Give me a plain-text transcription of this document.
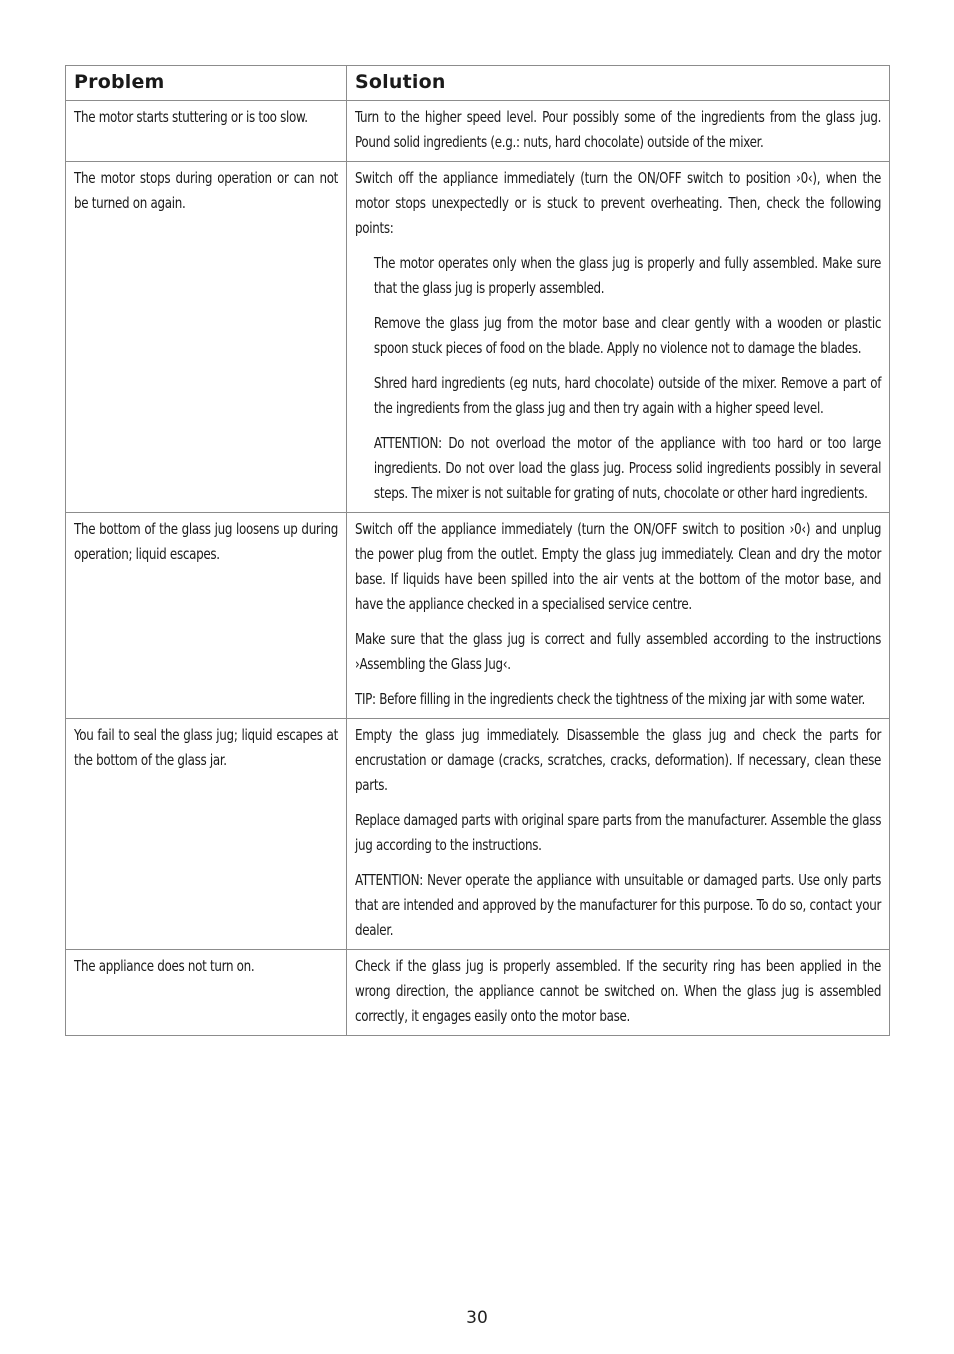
Problem	Solution

The motor starts stuttering or is too slow.	Turn to the higher speed level. Pour possibly some of the ingredients from the glass jug. Pound solid ingredients (e.g.: nuts, hard chocolate) outside of the mixer.

The motor stops during operation or can not be turned on again.	Switch off the appliance immediately (turn the ON/OFF switch to position ›0‹), when the motor stops unexpectedly or is stuck to prevent overheating. Then, check the following points:

The motor operates only when the glass jug is properly and fully assembled. Make sure that the glass jug is properly assembled.

Remove the glass jug from the motor base and clear gently with a wooden or plastic spoon stuck pieces of food on the blade. Apply no violence not to damage the blades.

Shred hard ingredients (eg nuts, hard chocolate) outside of the mixer. Remove a part of the ingredients from the glass jug and then try again with a higher speed level.

ATTENTION: Do not overload the motor of the appliance with too hard or too large ingredients. Do not over load the glass jug. Process solid ingredients possibly in several steps. The mixer is not suitable for grating of nuts, chocolate or other hard ingredients.

The bottom of the glass jug loosens up during operation; liquid escapes.	Switch off the appliance immediately (turn the ON/OFF switch to position ›0‹) and unplug the power plug from the outlet. Empty the glass jug immediately. Clean and dry the motor base. If liquids have been spilled into the air vents at the bottom of the motor base, and have the appliance checked in a specialised service centre.

Make sure that the glass jug is correct and fully assembled according to the instructions ›Assembling the Glass Jug‹.

TIP: Before filling in the ingredients check the tightness of the mixing jar with some water.

You fail to seal the glass jug; liquid escapes at the bottom of the glass jar.	Empty the glass jug immediately. Disassemble the glass jug and check the parts for encrustation or damage (cracks, scratches, cracks, deformation). If necessary, clean these parts.

Replace damaged parts with original spare parts from the manufacturer. Assemble the glass jug according to the instructions.

ATTENTION: Never operate the appliance with unsuitable or damaged parts. Use only parts that are intended and approved by the manufacturer for this purpose. To do so, contact your dealer.

The appliance does not turn on.	Check if the glass jug is properly assembled. If the security ring has been applied in the wrong direction, the appliance cannot be switched on. When the glass jug is assembled correctly, it engages easily onto the motor base.

30
